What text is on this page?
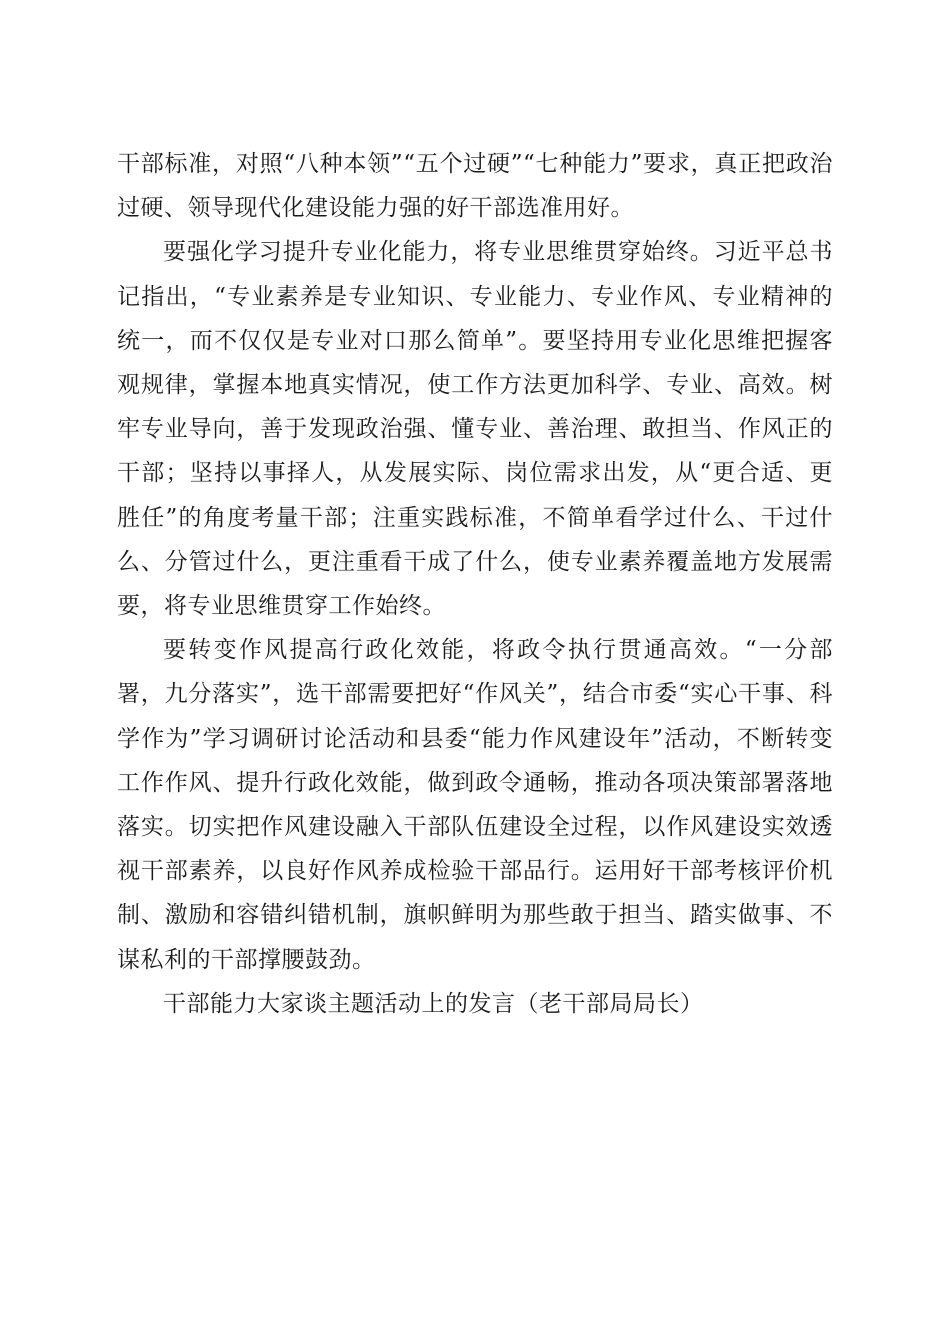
干部标准，对照“八种本领”“五个过硬”“七种能力”要求，真正把政治过硬、领导现代化建设能力强的好干部选准用好。

要强化学习提升专业化能力，将专业思维贯穿始终。习近平总书记指出，“专业素养是专业知识、专业能力、专业作风、专业精神的统一，而不仅仅是专业对口那么简单”。要坚持用专业化思维把握客观规律，掌握本地真实情况，使工作方法更加科学、专业、高效。树牢专业导向，善于发现政治强、懂专业、善治理、敢担当、作风正的干部；坚持以事择人，从发展实际、岗位需求出发，从“更合适、更胜任”的角度考量干部；注重实践标准，不简单看学过什么、干过什么、分管过什么，更注重看干成了什么，使专业素养覆盖地方发展需要，将专业思维贯穿工作始终。

要转变作风提高行政化效能，将政令执行贯通高效。“一分部署，九分落实”，选干部需要把好“作风关”，结合市委“实心干事、科学作为”学习调研讨论活动和县委“能力作风建设年”活动，不断转变工作作风、提升行政化效能，做到政令通畅，推动各项决策部署落地落实。切实把作风建设融入干部队伍建设全过程，以作风建设实效透视干部素养，以良好作风养成检验干部品行。运用好干部考核评价机制、激励和容错纠错机制，旗帜鲜明为那些敢于担当、踏实做事、不谋私利的干部撑腰鼓劲。

干部能力大家谈主题活动上的发言（老干部局局长）
